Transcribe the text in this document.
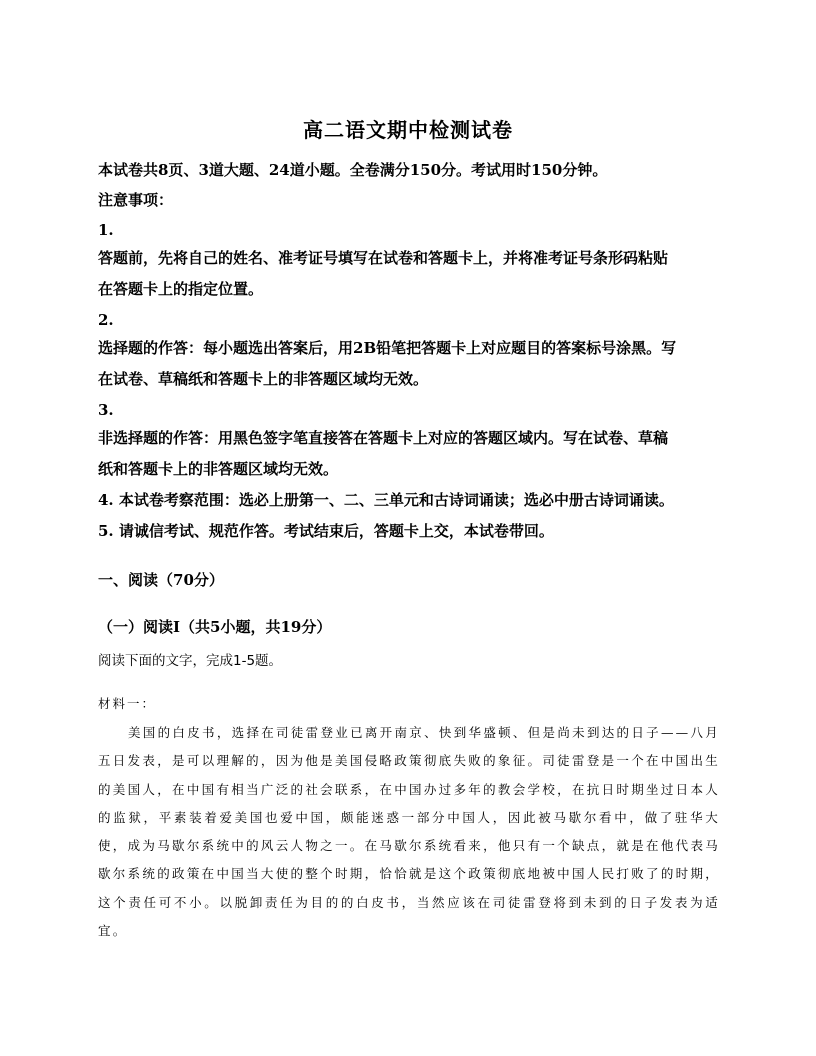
高二语文期中检测试卷
本试卷共8页、3道大题、24道小题。全卷满分150分。考试用时150分钟。
注意事项：
1.
答题前，先将自己的姓名、准考证号填写在试卷和答题卡上，并将准考证号条形码粘贴
在答题卡上的指定位置。
2.
选择题的作答：每小题选出答案后，用2B铅笔把答题卡上对应题目的答案标号涂黑。写
在试卷、草稿纸和答题卡上的非答题区域均无效。
3.
非选择题的作答：用黑色签字笔直接答在答题卡上对应的答题区域内。写在试卷、草稿
纸和答题卡上的非答题区域均无效。
4. 本试卷考察范围：选必上册第一、二、三单元和古诗词诵读；选必中册古诗词诵读。
5. 请诚信考试、规范作答。考试结束后，答题卡上交，本试卷带回。
一、阅读（70分）
（一）阅读Ⅰ（共5小题，共19分）
阅读下面的文字，完成1-5题。
材料一：
美国的白皮书，选择在司徒雷登业已离开南京、快到华盛顿、但是尚未到达的日子——八月五日发表，是可以理解的，因为他是美国侵略政策彻底失败的象征。司徒雷登是一个在中国出生的美国人，在中国有相当广泛的社会联系，在中国办过多年的教会学校，在抗日时期坐过日本人的监狱，平素装着爱美国也爱中国，颇能迷惑一部分中国人，因此被马歇尔看中，做了驻华大使，成为马歇尔系统中的风云人物之一。在马歇尔系统看来，他只有一个缺点，就是在他代表马歇尔系统的政策在中国当大使的整个时期，恰恰就是这个政策彻底地被中国人民打败了的时期，这个责任可不小。以脱卸责任为目的的白皮书，当然应该在司徒雷登将到未到的日子发表为适宜。
